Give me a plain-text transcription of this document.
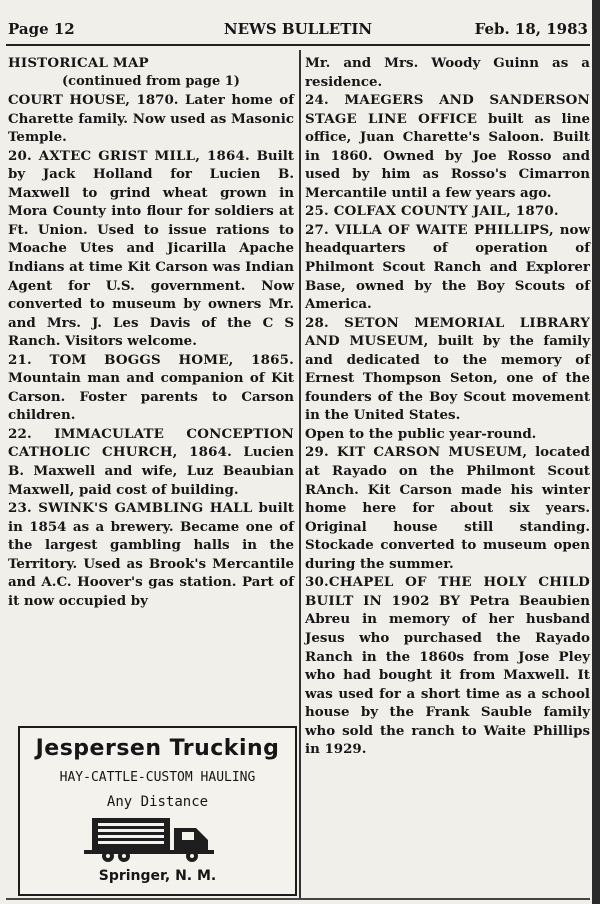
Page 12	NEWS BULLETIN	Feb. 18, 1983

HISTORICAL MAP
(continued from page 1)

COURT HOUSE, 1870. Later home of Charette family. Now used as Masonic Temple.

20. AXTEC GRIST MILL, 1864. Built by Jack Holland for Lucien B. Maxwell to grind wheat grown in Mora County into flour for soldiers at Ft. Union. Used to issue rations to Moache Utes and Jicarilla Apache Indians at time Kit Carson was Indian Agent for U.S. government. Now converted to museum by owners Mr. and Mrs. J. Les Davis of the C S Ranch. Visitors welcome.

21. TOM BOGGS HOME, 1865. Mountain man and companion of Kit Carson. Foster parents to Carson children.

22. IMMACULATE CONCEPTION CATHOLIC CHURCH, 1864. Lucien B. Maxwell and wife, Luz Beaubian Maxwell, paid cost of building.

23. SWINK'S GAMBLING HALL built in 1854 as a brewery. Became one of the largest gambling halls in the Territory. Used as Brook's Mercantile and A.C. Hoover's gas station. Part of it now occupied by

Jespersen Trucking
HAY-CATTLE-CUSTOM HAULING
Any Distance
Springer, N. M.

Mr. and Mrs. Woody Guinn as a residence.

24. MAEGERS AND SANDERSON STAGE LINE OFFICE built as line office, Juan Charette's Saloon. Built in 1860. Owned by Joe Rosso and used by him as Rosso's Cimarron Mercantile until a few years ago.

25. COLFAX COUNTY JAIL, 1870.

27. VILLA OF WAITE PHILLIPS, now headquarters of operation of Philmont Scout Ranch and Explorer Base, owned by the Boy Scouts of America.

28. SETON MEMORIAL LIBRARY AND MUSEUM, built by the family and dedicated to the memory of Ernest Thompson Seton, one of the founders of the Boy Scout movement in the United States.

Open to the public year-round.

29. KIT CARSON MUSEUM, located at Rayado on the Philmont Scout RAnch. Kit Carson made his winter home here for about six years. Original house still standing. Stockade converted to museum open during the summer.

30.CHAPEL OF THE HOLY CHILD BUILT IN 1902 BY Petra Beaubien Abreu in memory of her husband Jesus who purchased the Rayado Ranch in the 1860s from Jose Pley who had bought it from Maxwell. It was used for a short time as a school house by the Frank Sauble family who sold the ranch to Waite Phillips in 1929.
